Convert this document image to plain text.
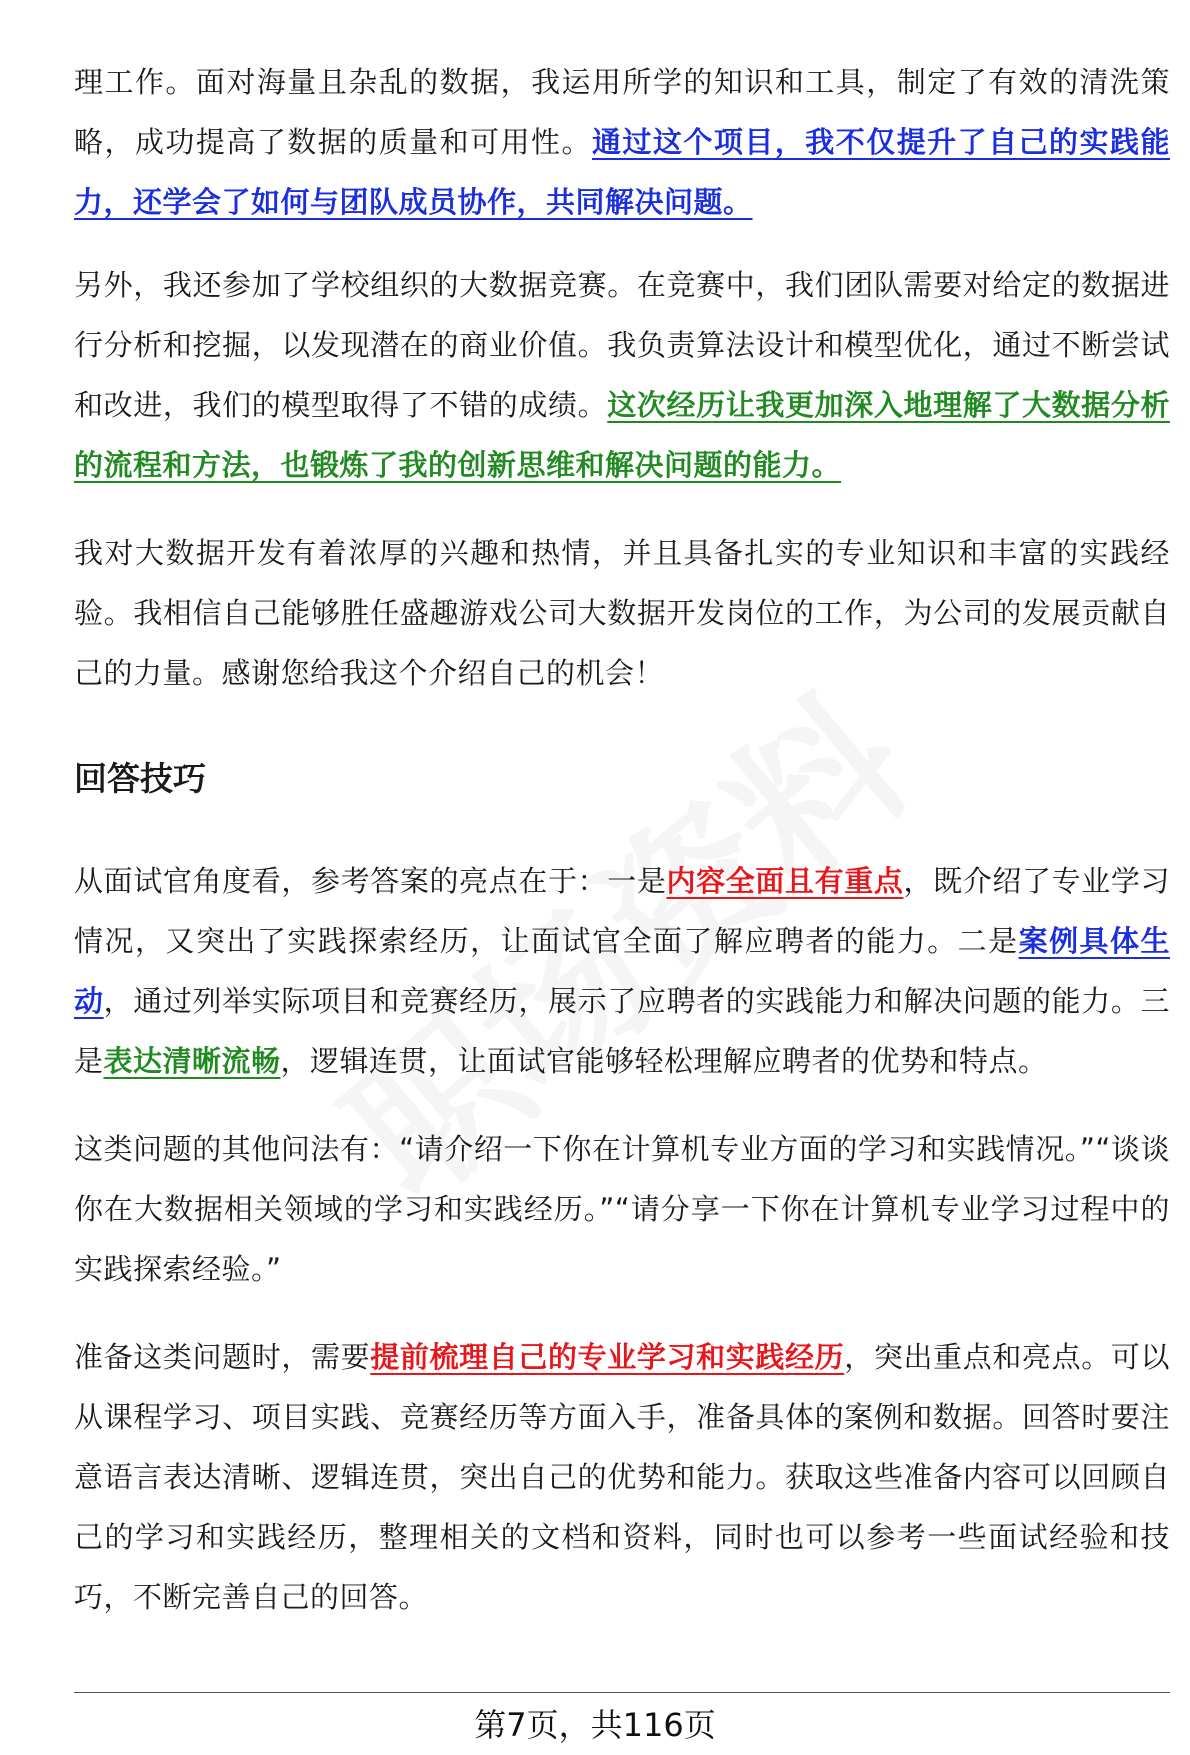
理工作。面对海量且杂乱的数据，我运用所学的知识和工具，制定了有效的清洗策略，成功提高了数据的质量和可用性。通过这个项目，我不仅提升了自己的实践能力，还学会了如何与团队成员协作，共同解决问题。

另外，我还参加了学校组织的大数据竞赛。在竞赛中，我们团队需要对给定的数据进行分析和挖掘，以发现潜在的商业价值。我负责算法设计和模型优化，通过不断尝试和改进，我们的模型取得了不错的成绩。这次经历让我更加深入地理解了大数据分析的流程和方法，也锻炼了我的创新思维和解决问题的能力。

我对大数据开发有着浓厚的兴趣和热情，并且具备扎实的专业知识和丰富的实践经验。我相信自己能够胜任盛趣游戏公司大数据开发岗位的工作，为公司的发展贡献自己的力量。感谢您给我这个介绍自己的机会！

回答技巧

从面试官角度看，参考答案的亮点在于：一是内容全面且有重点，既介绍了专业学习情况，又突出了实践探索经历，让面试官全面了解应聘者的能力。二是案例具体生动，通过列举实际项目和竞赛经历，展示了应聘者的实践能力和解决问题的能力。三是表达清晰流畅，逻辑连贯，让面试官能够轻松理解应聘者的优势和特点。

这类问题的其他问法有：“请介绍一下你在计算机专业方面的学习和实践情况。”“谈谈你在大数据相关领域的学习和实践经历。”“请分享一下你在计算机专业学习过程中的实践探索经验。”

准备这类问题时，需要提前梳理自己的专业学习和实践经历，突出重点和亮点。可以从课程学习、项目实践、竞赛经历等方面入手，准备具体的案例和数据。回答时要注意语言表达清晰、逻辑连贯，突出自己的优势和能力。获取这些准备内容可以回顾自己的学习和实践经历，整理相关的文档和资料，同时也可以参考一些面试经验和技巧，不断完善自己的回答。

第7页，共116页
